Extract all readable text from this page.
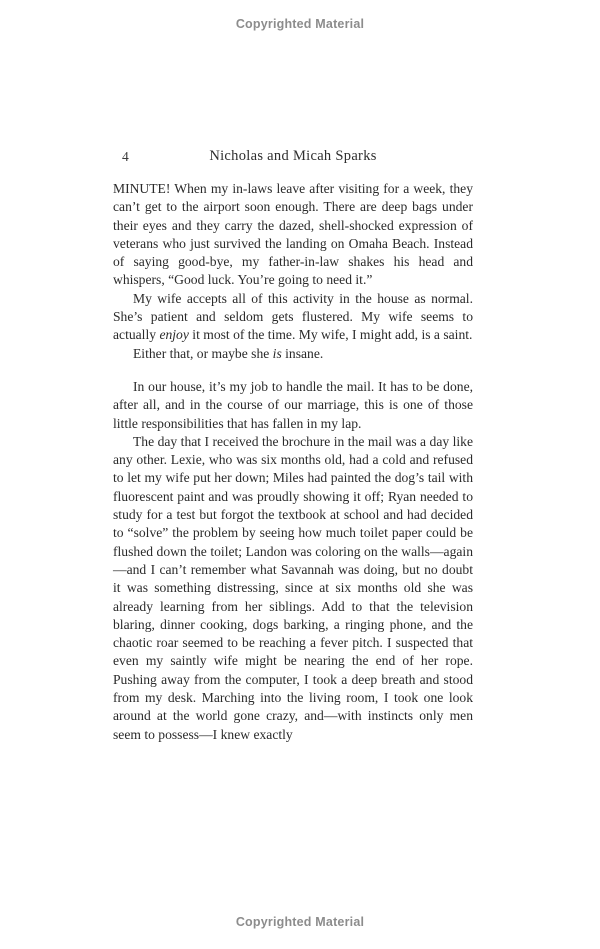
Copyrighted Material
4	Nicholas and Micah Sparks

MINUTE! When my in-laws leave after visiting for a week, they can’t get to the airport soon enough. There are deep bags under their eyes and they carry the dazed, shell-shocked expression of veterans who just survived the landing on Omaha Beach. Instead of saying good-bye, my father-in-law shakes his head and whispers, “Good luck. You’re going to need it.”

My wife accepts all of this activity in the house as normal. She’s patient and seldom gets flustered. My wife seems to actually enjoy it most of the time. My wife, I might add, is a saint.

Either that, or maybe she is insane.

In our house, it’s my job to handle the mail. It has to be done, after all, and in the course of our marriage, this is one of those little responsibilities that has fallen in my lap.

The day that I received the brochure in the mail was a day like any other. Lexie, who was six months old, had a cold and refused to let my wife put her down; Miles had painted the dog’s tail with fluorescent paint and was proudly showing it off; Ryan needed to study for a test but forgot the textbook at school and had decided to “solve” the problem by seeing how much toilet paper could be flushed down the toilet; Landon was coloring on the walls—again—and I can’t remember what Savannah was doing, but no doubt it was something distressing, since at six months old she was already learning from her siblings. Add to that the television blaring, dinner cooking, dogs barking, a ringing phone, and the chaotic roar seemed to be reaching a fever pitch. I suspected that even my saintly wife might be nearing the end of her rope. Pushing away from the computer, I took a deep breath and stood from my desk. Marching into the living room, I took one look around at the world gone crazy, and—with instincts only men seem to possess—I knew exactly

Copyrighted Material
